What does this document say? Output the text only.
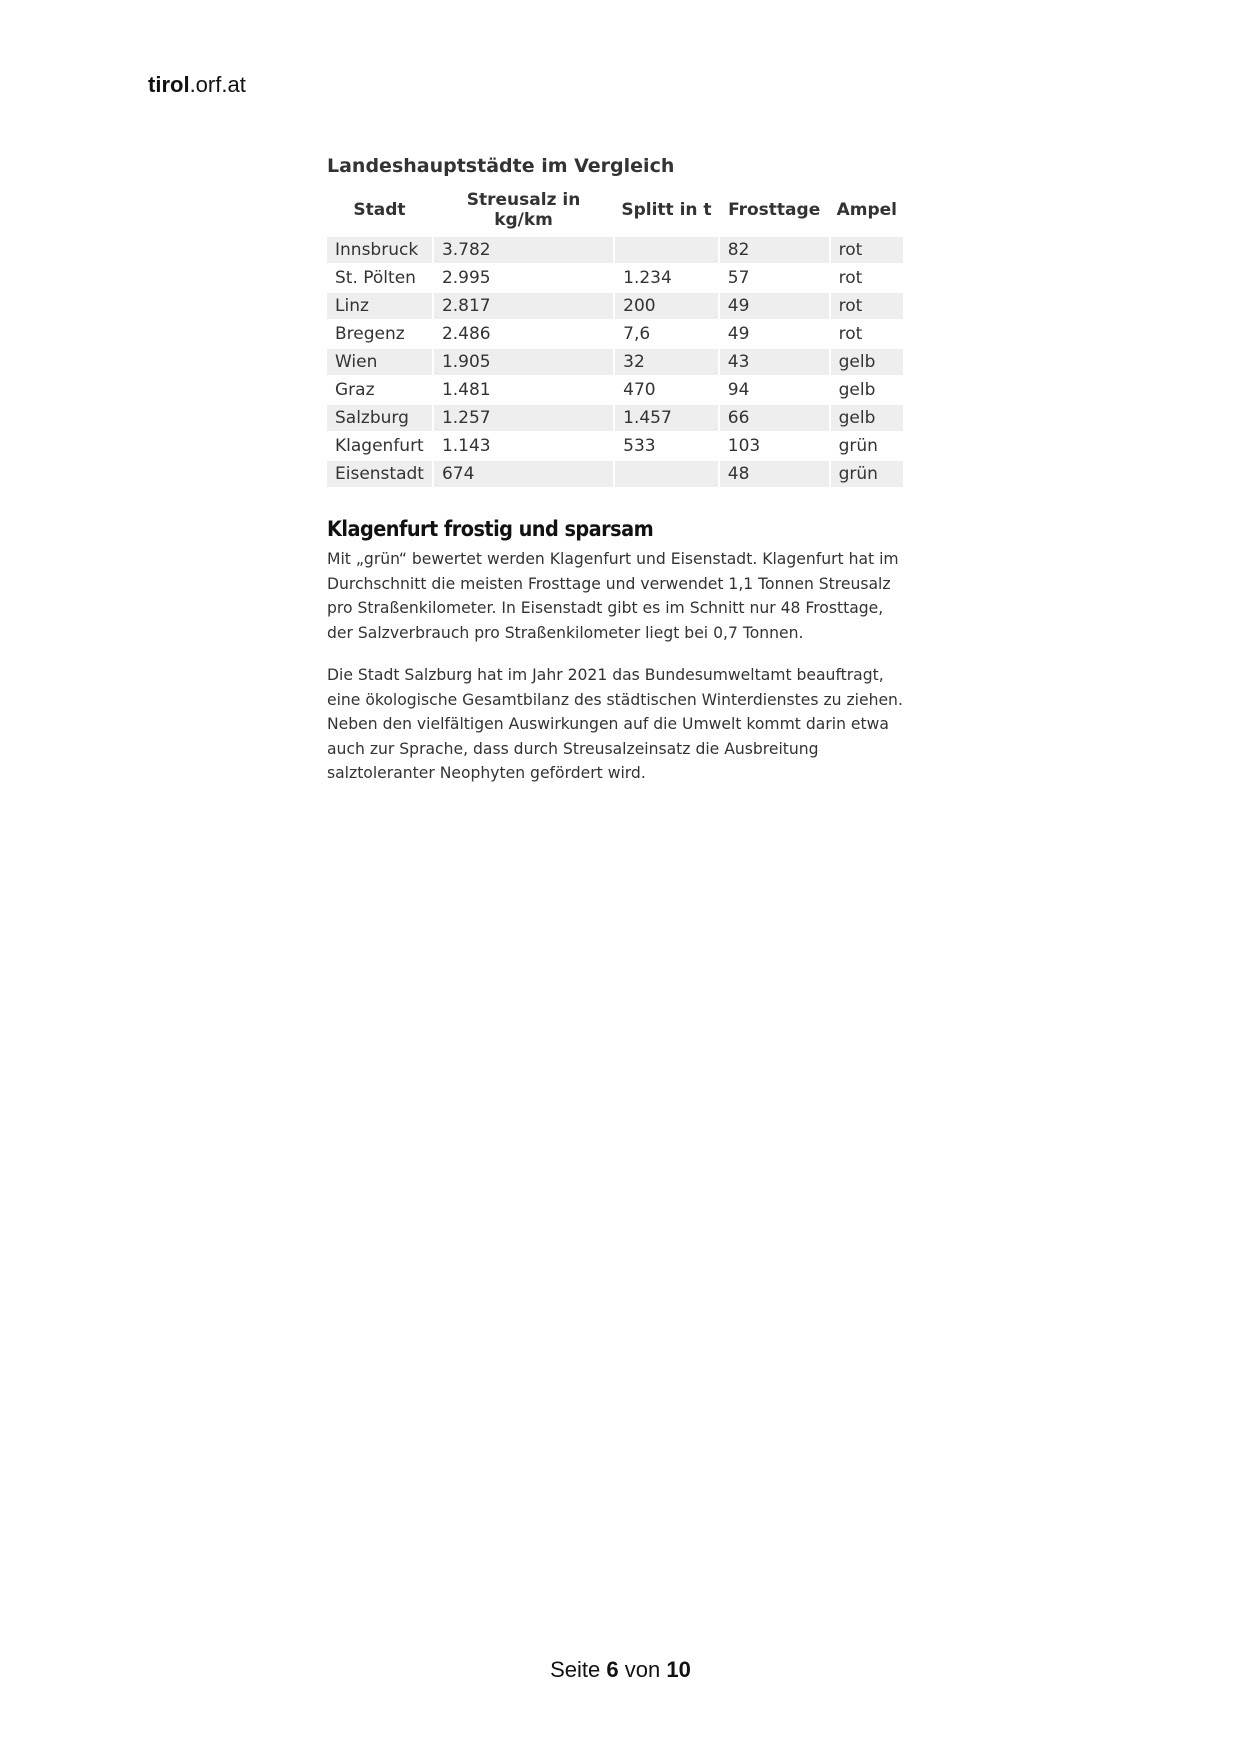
tirol.orf.at
Landeshauptstädte im Vergleich
Stadt	Streusalz in kg/km	Splitt in t	Frosttage	Ampel
Innsbruck	3.782		82	rot
St. Pölten	2.995	1.234	57	rot
Linz	2.817	200	49	rot
Bregenz	2.486	7,6	49	rot
Wien	1.905	32	43	gelb
Graz	1.481	470	94	gelb
Salzburg	1.257	1.457	66	gelb
Klagenfurt	1.143	533	103	grün
Eisenstadt	674		48	grün
Klagenfurt frostig und sparsam

Mit „grün“ bewertet werden Klagenfurt und Eisenstadt. Klagenfurt hat im Durchschnitt die meisten Frosttage und verwendet 1,1 Tonnen Streusalz pro Straßenkilometer. In Eisenstadt gibt es im Schnitt nur 48 Frosttage, der Salzverbrauch pro Straßenkilometer liegt bei 0,7 Tonnen.

Die Stadt Salzburg hat im Jahr 2021 das Bundesumweltamt beauftragt, eine ökologische Gesamtbilanz des städtischen Winterdienstes zu ziehen. Neben den vielfältigen Auswirkungen auf die Umwelt kommt darin etwa auch zur Sprache, dass durch Streusalzeinsatz die Ausbreitung salztoleranter Neophyten gefördert wird.

Seite 6 von 10
